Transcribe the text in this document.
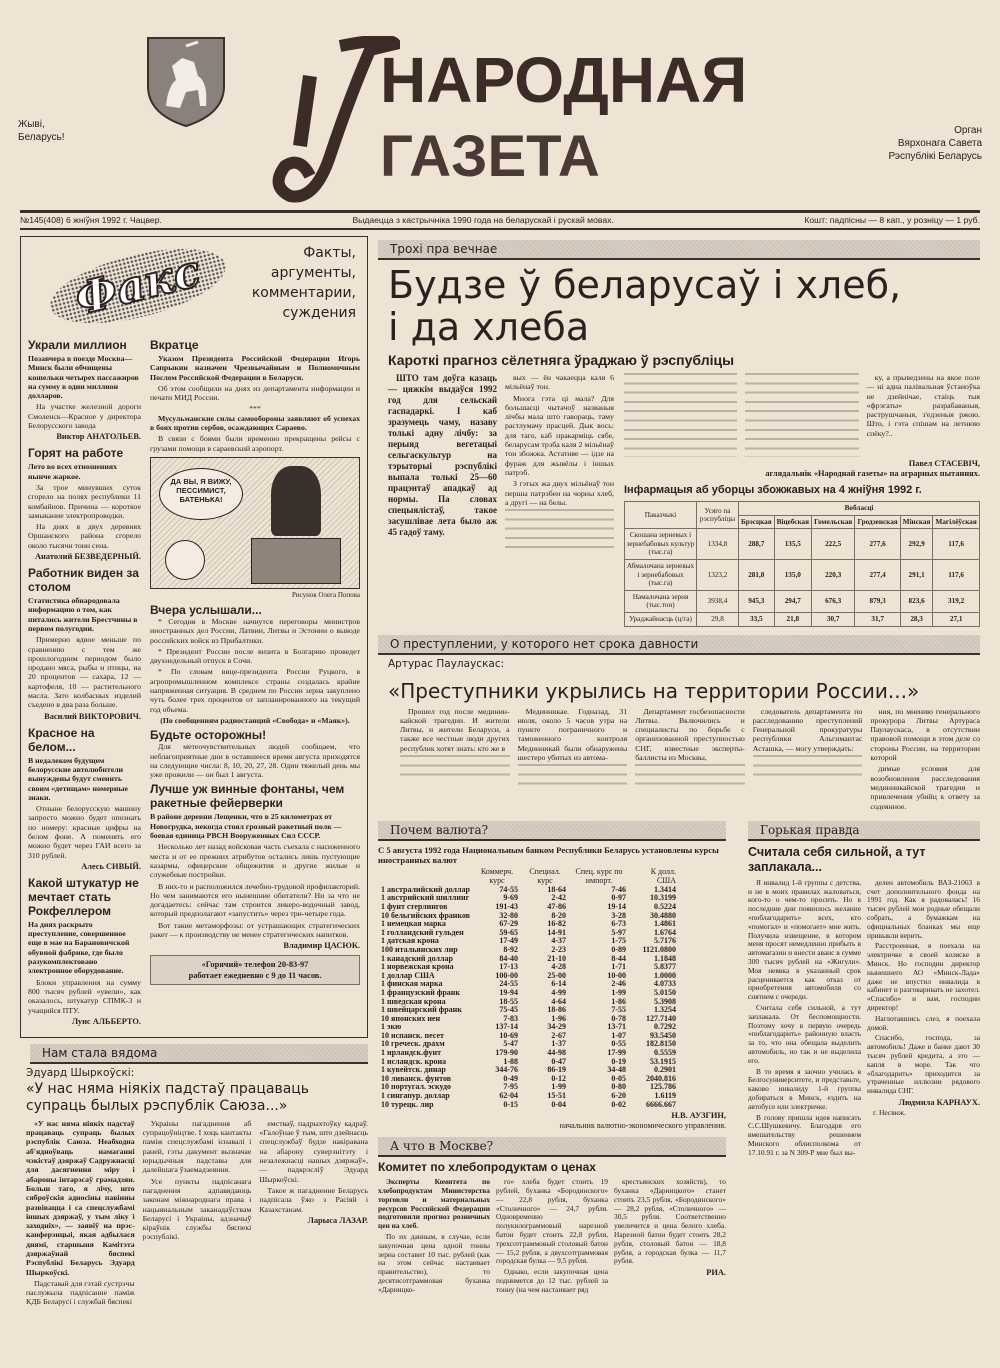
Жыві,
Беларусь!
НАРОДНАЯ
ГАЗЕТА	Орган
Вярхонага Савета
Рэспублікі Беларусь
№145(408) 6 жніўня 1992 г. Чацвер.	Выдаецца з кастрычніка 1990 года на беларускай і рускай мовах.	Кошт: падпісны — 8 кап., у розніцу — 1 руб.
Факс	Факты,
аргументы,
комментарии,
суждения
Украли миллион
Позавчера в поезде Москва—Минск были обчищены кошельки четырех пассажиров на сумму в один миллион долларов.

На участке железной дороги Смоленск—Красное у директора Белорусского завода

Виктор АНАТОЛЬЕВ.
Горят на работе
Лето во всех отношениях нынче жаркое.

За трое минувших суток сгорело на полях республики 11 комбайнов. Причина — короткое замыкание электропроводки.

На днях в двух деревнях Оршанского района сгорело около тысячи тонн сена.

Анатолий БЕЗВЕДЕРНЫЙ.
Работник виден за столом
Статистика обнародовала информацию о том, как питались жители Брестчины в первом полугодии.

Примерно вдвое меньше по сравнению с тем же прошлогодним периодом было продано мяса, рыбы и птицы, на 20 процентов — сахара, 12 — картофеля, 10 — растительного масла. Зато колбасных изделий съедено в два раза больше.

Василий ВИКТОРОВИЧ.
Красное на белом...
В недалеком будущем белорусские автолюбители вынуждены будут сменить своим «детищам» номерные знаки.

Отныне белорусскую машину запросто можно будет опознать по номеру: красные цифры на белом фоне. А поменять его можно будет через ГАИ всего за 310 рублей.

Алесь СИВЫЙ.
Какой штукатур не мечтает стать Рокфеллером
На днях раскрыто преступление, совершенное еще в мае на Барановичской обувной фабрике, где было разукомплектовано электронное оборудование.

Блоки управления на сумму 800 тысяч рублей «увели», как оказалось, штукатур СПМК-3 и учащийся ПТУ.

Луис АЛЬБЕРТО.
Вкратце

Указом Президента Российской Федерации Игорь Сапрыкин назначен Чрезвычайным и Полномочным Послом Российской Федерации в Беларуси.

Об этом сообщили на днях из департамента информации и печати МИД России.

***

Мусульманские силы самообороны заявляют об успехах в боях против сербов, осаждающих Сараево.

В связи с боями были временно прекращены рейсы с грузами помощи в сараевский аэропорт.

ДА ВЫ, Я ВИЖУ, ПЕССИМИСТ, БАТЕНЬКА!
Рисунок Олега Попова
Вчера услышали...

* Сегодня в Москве начнутся переговоры министров иностранных дел России, Латвии, Литвы и Эстонии о выводе российских войск из Прибалтики.

* Президент России после визита в Болгарию проведет двухнедельный отпуск в Сочи.

* По словам вице-президента России Руцкого, в агропромышленном комплексе страны создалась крайне напряженная ситуация. В среднем по России зерна закуплено чуть более трех процентов от запланированного на текущий год объема.

(По сообщениям радиостанций «Свобода» и «Маяк»).

Будьте осторожны!

Для метеочувствительных людей сообщаем, что неблагоприятные дни в оставшееся время августа приходятся на следующие числа: 8, 10, 20, 27, 28. Один тяжелый день мы уже прожили — он был 1 августа.

Лучше уж винные фонтаны, чем ракетные фейерверки
В районе деревни Лещенки, что в 25 километрах от Новогрудка, некогда стоял грозный ракетный полк — боевая единица РВСН Вооруженных Сил СССР.

Несколько лет назад войсковая часть съехала с насиженного места и от ее прежних атрибутов остались лишь пустующие казармы, офицерские общежития и другие жилые и служебные постройки.

В них-то и расположился лечебно-трудовой профилакторий. Но чем занимаются его нынешние обитатели? Ни за что не догадаетесь: сейчас там строится ликеро-водочный завод, который предполагают «запустить» через три-четыре года.

Вот такие метаморфозы: от устрашающих стратегических ракет — к производству не менее стратегических напитков.

Владимир ЦАСЮК.
«Горячий» телефон 20-83-97
работает ежедневно с 9 до 11 часов.
Нам стала вядома
Эдуард Шыркоўскі:
«У нас няма ніякіх падстаў працаваць супраць былых рэспублік Саюза...»

«У нас няма ніякіх падстаў працаваць супраць былых рэспублік Саюза. Неабходна аб'ядноўваць намаганні чэкістаў дзяржаў Садружнасці для дасягнення міру і абароны інтарэсаў грамадзян. Больш таго, я лічу, што сяброўскія адносіны павінны развівацца і са спецслужбамі іншых дзяржаў, у тым ліку і заходніх», — заявіў на прэс-канферэнцыі, якая адбылася днямі, старшыня Камітэта дзяржаўнай бяспекі Рэспублікі Беларусь Эдуард Шыркоўскі.

Падставай для гэтай сустрэчы паслужыла падпісанне паміж КДБ Беларусі і службай бяспекі

Украіны пагаднення аб супрацоўніцтве. І хоць кантакты паміж спецслужбамі існавалі і раней, гэты дакумент вызначае юрыдычныя падставы для далейшага ўзаемадзеяння.

Усе пункты падпісанага пагаднення адпавядаюць законам міжнароднага права і нацыянальным заканадаўствам Беларусі і Украіны, адзначыў кіраўнік службы бяспекі рэспублікі.

емстваў, падрыхтоўку кадраў. «Галоўнае ў тым, што дзейнасць спецслужбаў будзе накіравана на абарону суверэнітэту і незалежнасці нашых дзяржаў», — падкрэсліў Эдуард Шыркоўскі.

Такое ж пагадненне Беларусь падпісала ўжо з Расіяй і Казахстанам.

Ларыса ЛАЗАР.
Трохі пра вечнае
Будзе ў беларусаў і хлеб,
і да хлеба
Кароткі прагноз сёлетняга ўраджаю ў рэспубліцы

ШТО там доўга казаць — цяжкім выдаўся 1992 год для сельскай гаспадаркі. І каб зразумець чаму, назаву толькі адну лічбу: за перыяд вегетацыі сельгаскультур на тэрыторыі рэспублікі выпала толькі 25—60 працэнтаў ападкаў ад нормы. Па словах спецыялістаў, такое засушлівае лета было аж 45 гадоў таму.

вых — ён чакаецца каля 6 мільёнаў тон.

Многа гэта ці мала? Для большасці чытачоў названыя лічбы мала што гавораць, таму растлумачу прасцей. Дык вось: для таго, каб пракарміць сябе, беларусам трэба каля 2 мільёнаў тон збожжа. Астатняе — ідзе на фураж для жывёлы і іншых патрэб.

З гэтых жа двух мільёнаў тон першы патрэбен на чорны хлеб, а другі — на белы.

ку, а прыведзены на якое поле — ні адна палівальная ўстаноўка не дзейнічае, стаіць тыя «фрэгаты» разрабаваныя, раструшчаныя, з'едзеныя ржою. Што, і гэта спішам на летнюю спёку?..

Павел СТАСЕВІЧ,
аглядальнік «Народнай газеты» па аграрных пытаннях.
Інфармацыя аб уборцы збожжавых на 4 жніўня 1992 г.
Паказчыкі	Усяго па рэспубліцы	Вобласці					
		Брэсцкая	Віцебская	Гомельская	Гродзенская	Мінская	Магілёўская
Скошана зерневых і зернебабовых культур (тыс.га)	1334,8	288,7	135,5	222,5	277,6	292,9	117,6
Абмалочана зерневых і зернебабовых (тыс.га)	1323,2	281,8	135,0	220,3	277,4	291,1	117,6
Намалочана зерня (тыс.тон)	3938,4	945,3	294,7	676,3	879,3	823,6	319,2
Ураджайнасць (ц/га)	29,8	33,5	21,8	30,7	31,7	28,3	27,1
О преступлении, у которого нет срока давности
Артурас Паулаускас:
«Преступники укрылись на территории России...»

Прошел год после медининкайской трагедии. И жители Литвы, и жители Беларуси, а также все честные люди других республик хотят знать: кто же в

Мединникае. Годназад, 31 июля, около 5 часов утра на пункте пограничного и таможенного контроля Мединникай были обнаружены шестеро убитых из автома-

Департамент госбезопасности Литвы. Включились и специалисты по борьбе с организованной преступностью СНГ, известные эксперты-баллисты из Москвы,

следователь департамента по расследованию преступлений Генеральной прокуратуры республики Альгимантас Асташка, — могу утверждать:

ния, по мнению генерального прокурора Литвы Артураса Паулаускаса, в отсутствии правовой помощи в этом деле со стороны России, на территории которой

димые условия для возобновления расследования мединникайской трагедии и привлечения убийц к ответу за содеянное.

Почем валюта?
С 5 августа 1992 года Национальным банком Республики Беларусь установлены курсы иностранных валют
	Коммерч. курс	Специал. курс	Спец. курс по импорт.	К долл. США
1 австралийский доллар	74-55	18-64	7-46	1.3414
1 австрийский шиллинг	9-69	2-42	0-97	10.3199
1 фунт стерлингов	191-43	47-86	19-14	0.5224
10 бельгийских франков	32-80	8-20	3-28	30.4880
1 немецкая марка	67-29	16-82	6-73	1.4861
1 голландский гульден	59-65	14-91	5-97	1.6764
1 датская крона	17-49	4-37	1-75	5.7176
100 итальянских лир	8-92	2-23	0-89	1121.0800
1 канадский доллар	84-40	21-10	8-44	1.1848
1 норвежская крона	17-13	4-28	1-71	5.8377
1 доллар США	100-00	25-00	10-00	1.0000
1 финская марка	24-55	6-14	2-46	4.0733
1 французский франк	19-94	4-99	1-99	5.0150
1 шведская крона	18-55	4-64	1-86	5.3908
1 швейцарский франк	75-45	18-86	7-55	1.3254
10 японских иен	7-83	1-96	0-78	127.7140
1 экю	137-14	34-29	13-71	0.7292
10 испанск. песет	10-69	2-67	1-07	93.5450
10 греческ. драхм	5-47	1-37	0-55	182.8150
1 ирландск.фунт	179-90	44-98	17-99	0.5559
1 исландск. крона	1-88	0-47	0-19	53.1915
1 кувейтск. динар	344-76	86-19	34-48	0.2901
10 ливанск. фунтов	0-49	0-12	0-05	2040.816
10 португал. эскудо	7-95	1-99	0-80	125.786
1 сингапур. доллар	62-04	15-51	6-20	1.6119
10 турецк. лир	0-15	0-04	0-02	6666.667
Н.В. АУЗГИН,
начальник валютно-экономического управления.
А что в Москве?
Комитет по хлебопродуктам о ценах

Эксперты Комитета по хлебопродуктам Министерства торговли и материальных ресурсов Российской Федерации подготовили прогноз розничных цен на хлеб.

По их данным, в случае, если закупочная цена одной тонны зерна составит 10 тыс. рублей (как на этом сейчас настаивает правительство), то десятисотграммовая буханка «Дарницко-

го» хлеба будет стоить 19 рублей, буханка «Бородинского» — 22,8 рубля, буханка «Столичного» — 24,7 рубля. Одновременно полукилограммовый нарезной батон будет стоить 22,8 рубля, трехсотграммовый столовый батон — 15,2 рубля, а двухсотграммовая городская булка — 9,5 рубля.

Однако, если закупочная цена поднимется до 12 тыс. рублей за тонну (на чем настаивает ряд

крестьянских хозяйств), то буханка «Дарницкого» станет стоить 23,5 рубля, «Бородинского» — 28,2 рубля, «Столичного» — 30,5 рубля. Соответственно увеличится и цена белого хлеба. Нарезной батон будет стоить 28,2 рубля, столовый батон — 18,8 рубля, а городская булка — 11,7 рубля.

РИА.
Горькая правда
Считала себя сильной, а тут заплакала...

Я инвалид 1-й группы с детства, и не в моих правилах жаловаться, кого-то о чем-то просить. Но в последние дни появилось желание «поблагодарить» всех, кто «помогал» и «помогает» мне жить. Получила извещение, в котором меня просят немедленно прибыть в автомагазин и внести аванс в сумме 300 тысяч рублей на «Жигули». Моя неявка в указанный срок расценивается как отказ от приобретения автомобиля со снятием с очереди.

Считала себя сильной, а тут заплакала. От беспомощности. Поэтому хочу в первую очередь «поблагодарить» районную власть за то, что она обещала выделить автомобиль, но так и не выделила его.

В то время я заочно училась в Белгосуниверситете, и представьте, каково инвалиду 1-й группы добираться в Минск, ездить на автобусе или электричке.

В голову пришла идея написать С.С.Шушкевичу. Благодаря его вмешательству решением Минского облисполкома от 17.10.91 г. за N 309-Р мне был вы-

делен автомобиль ВАЗ-21063 в счет дополнительного фонда на 1991 год. Как я радовалась! 16 тысяч рублей мои родные обещали собрать, а бумажкам на официальных бланках мы еще привыкли верить.

Расстроенная, я поехала на электричке в своей коляске в Минск. Но господин директор нынешнего АО «Минск-Лада» даже не впустил инвалида в кабинет и разговаривать не захотел. «Спасибо» и вам, господин директор!

Наглотавшись слез, я поехала домой.

Спасибо, господа, за автомобиль! Даже в банке дают 30 тысяч рублей кредита, а это — капля в море. Так что «благодарить» приходится за утраченные иллюзии рядового инвалида СНГ.

Людмила КАРНАУХ.
г. Несвиж.
